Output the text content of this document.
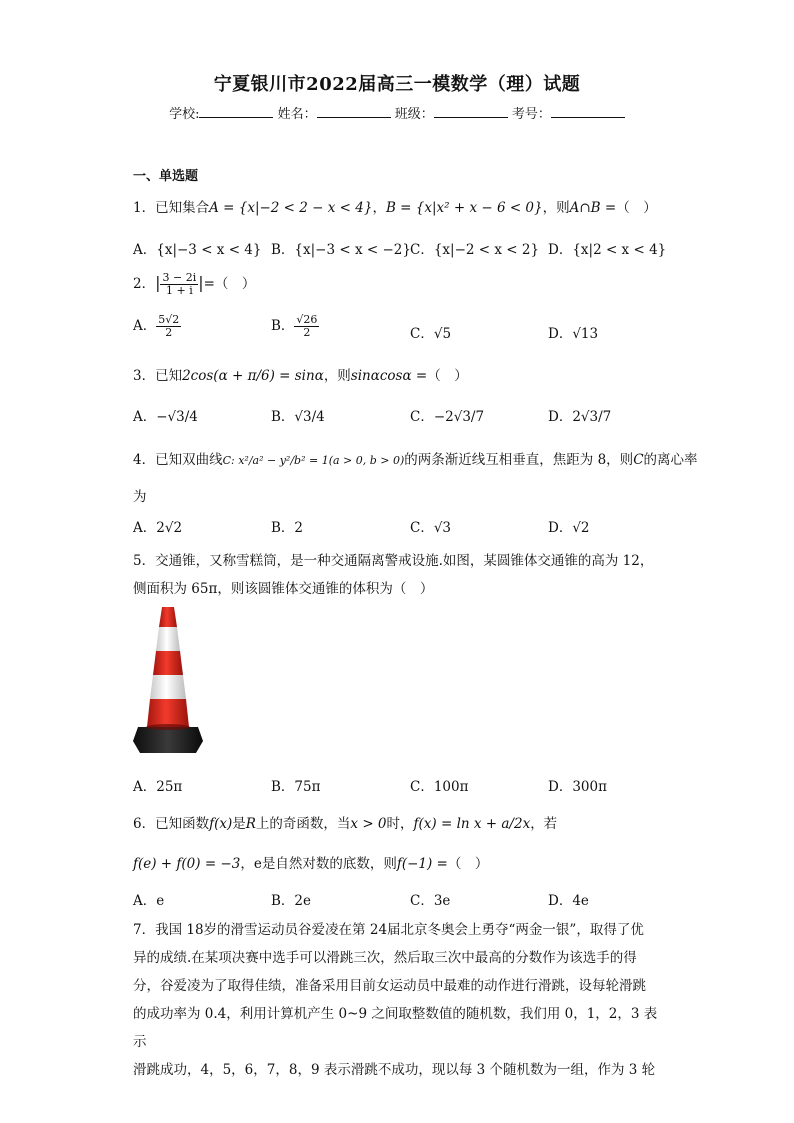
宁夏银川市2022届高三一模数学（理）试题
学校:	姓名：	班级：	考号：
一、单选题
1．已知集合A = {x|−2 < 2 − x < 4}，B = {x|x² + x − 6 < 0}，则A∩B =（　）
A．{x|−3 < x < 4} B．{x|−3 < x < −2} C．{x|−2 < x < 2} D．{x|2 < x < 4}
2．| $\frac{3 - 2i}{1 + i}$ |=（　）
A． $\frac{5√2}{2}$	B． $\frac{√26}{2}$	C．√5	D．√13
3．已知2cos(α + π/6) = sinα，则sinαcosα =（　）
A．−√3/4	B．√3/4	C．−2√3/7	D．2√3/7
4．已知双曲线C: x²/a² − y²/b² = 1(a > 0, b > 0)的两条渐近线互相垂直，焦距为 8，则C的离心率
为
A．2√2	B．2	C．√3	D．√2
5．交通锥，又称雪糕筒，是一种交通隔离警戒设施.如图，某圆锥体交通锥的高为 12，
侧面积为 65π，则该圆锥体交通锥的体积为（　）
A．25π	B．75π	C．100π	D．300π
6．已知函数f(x)是R上的奇函数，当x > 0时，f(x) = ln x + a/2x，若
f(e) + f(0) = −3，e是自然对数的底数，则f(−1) =（　）
A．e	B．2e	C．3e	D．4e
7．我国 18岁的滑雪运动员谷爱凌在第 24届北京冬奥会上勇夺“两金一银”，取得了优
异的成绩.在某项决赛中选手可以滑跳三次，然后取三次中最高的分数作为该选手的得
分，谷爱凌为了取得佳绩，准备采用目前女运动员中最难的动作进行滑跳，设每轮滑跳
的成功率为 0.4，利用计算机产生 0~9 之间取整数值的随机数，我们用 0，1，2，3 表示
滑跳成功，4，5，6，7，8，9 表示滑跳不成功，现以每 3 个随机数为一组，作为 3 轮
